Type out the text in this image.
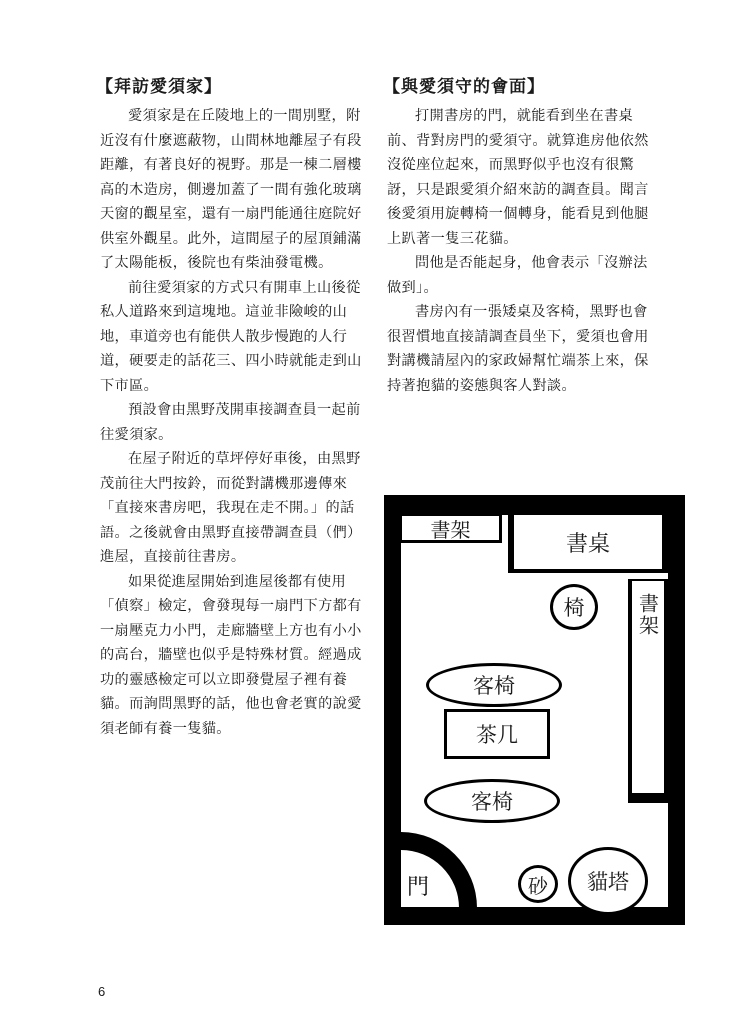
【拜訪愛須家】
愛須家是在丘陵地上的一間別墅，附
近沒有什麼遮蔽物，山間林地離屋子有段
距離，有著良好的視野。那是一棟二層樓
高的木造房，側邊加蓋了一間有強化玻璃
天窗的觀星室，還有一扇門能通往庭院好
供室外觀星。此外，這間屋子的屋頂鋪滿
了太陽能板，後院也有柴油發電機。
前往愛須家的方式只有開車上山後從
私人道路來到這塊地。這並非險峻的山
地，車道旁也有能供人散步慢跑的人行
道，硬要走的話花三、四小時就能走到山
下市區。
預設會由黑野茂開車接調查員一起前
往愛須家。
在屋子附近的草坪停好車後，由黑野
茂前往大門按鈴，而從對講機那邊傳來
「直接來書房吧，我現在走不開。」的話
語。之後就會由黑野直接帶調查員（們）
進屋，直接前往書房。
如果從進屋開始到進屋後都有使用
「偵察」檢定，會發現每一扇門下方都有
一扇壓克力小門，走廊牆壁上方也有小小
的高台，牆壁也似乎是特殊材質。經過成
功的靈感檢定可以立即發覺屋子裡有養
貓。而詢問黑野的話，他也會老實的說愛
須老師有養一隻貓。
【與愛須守的會面】
打開書房的門，就能看到坐在書桌
前、背對房門的愛須守。就算進房他依然
沒從座位起來，而黑野似乎也沒有很驚
訝，只是跟愛須介紹來訪的調查員。聞言
後愛須用旋轉椅一個轉身，能看見到他腿
上趴著一隻三花貓。
問他是否能起身，他會表示「沒辦法
做到」。
書房內有一張矮桌及客椅，黑野也會
很習慣地直接請調查員坐下，愛須也會用
對講機請屋內的家政婦幫忙端茶上來，保
持著抱貓的姿態與客人對談。
門
書架
書桌
椅	書架
客椅
茶几
客椅
砂	貓塔
6
